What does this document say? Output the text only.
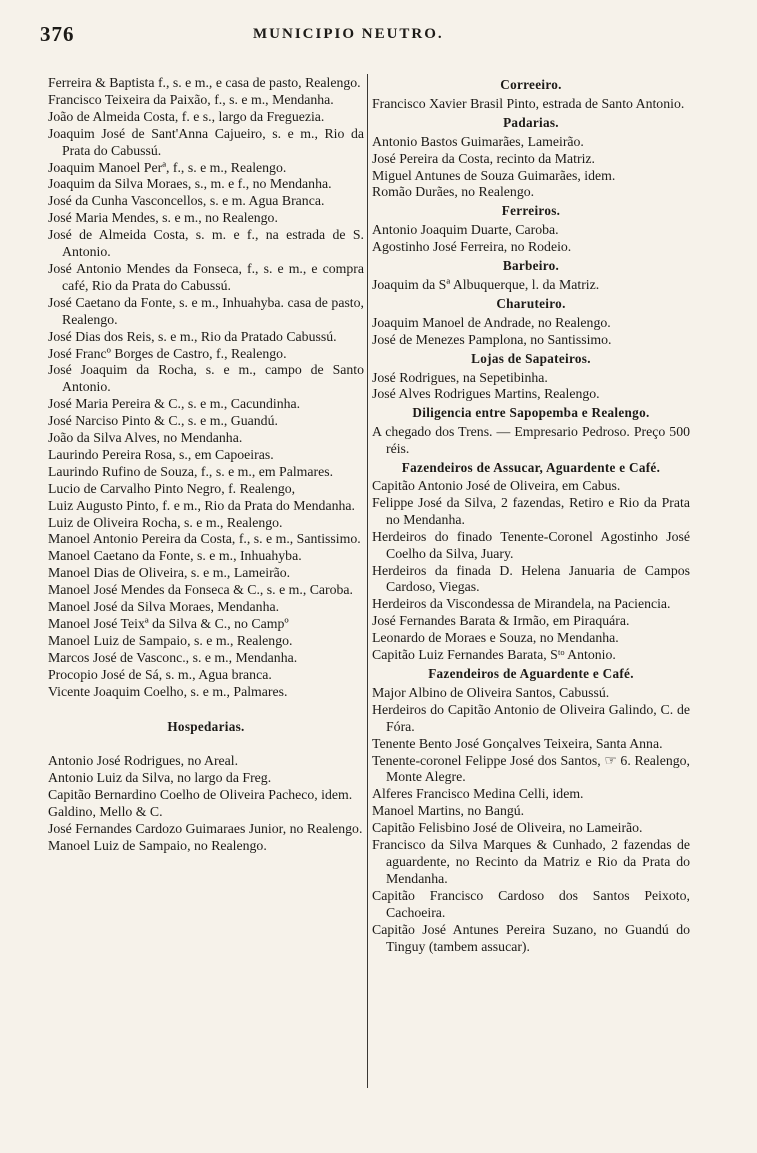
376	MUNICIPIO NEUTRO.

Ferreira & Baptista f., s. e m., e casa de pasto, Realengo.

Francisco Teixeira da Paixão, f., s. e m., Mendanha.

João de Almeida Costa, f. e s., largo da Freguezia.

Joaquim José de Sant'Anna Cajueiro, s. e m., Rio da Prata do Cabussú.

Joaquim Manoel Perª, f., s. e m., Realengo.

Joaquim da Silva Moraes, s., m. e f., no Mendanha.

José da Cunha Vasconcellos, s. e m. Agua Branca.

José Maria Mendes, s. e m., no Realengo.

José de Almeida Costa, s. m. e f., na estrada de S. Antonio.

José Antonio Mendes da Fonseca, f., s. e m., e compra café, Rio da Prata do Cabussú.

José Caetano da Fonte, s. e m., Inhuahyba. casa de pasto, Realengo.

José Dias dos Reis, s. e m., Rio da Pratado Cabussú.

José Francº Borges de Castro, f., Realengo.

José Joaquim da Rocha, s. e m., campo de Santo Antonio.

José Maria Pereira & C., s. e m., Cacundinha.

José Narciso Pinto & C., s. e m., Guandú.

João da Silva Alves, no Mendanha.

Laurindo Pereira Rosa, s., em Capoeiras.

Laurindo Rufino de Souza, f., s. e m., em Palmares.

Lucio de Carvalho Pinto Negro, f. Realengo,

Luiz Augusto Pinto, f. e m., Rio da Prata do Mendanha.

Luiz de Oliveira Rocha, s. e m., Realengo.

Manoel Antonio Pereira da Costa, f., s. e m., Santissimo.

Manoel Caetano da Fonte, s. e m., Inhuahyba.

Manoel Dias de Oliveira, s. e m., Lameirão.

Manoel José Mendes da Fonseca & C., s. e m., Caroba.

Manoel José da Silva Moraes, Mendanha.

Manoel José Teixª da Silva & C., no Campº

Manoel Luiz de Sampaio, s. e m., Realengo.

Marcos José de Vasconc., s. e m., Mendanha.

Procopio José de Sá, s. m., Agua branca.

Vicente Joaquim Coelho, s. e m., Palmares.

Hospedarias.

Antonio José Rodrigues, no Areal.

Antonio Luiz da Silva, no largo da Freg.

Capitão Bernardino Coelho de Oliveira Pacheco, idem.

Galdino, Mello & C.

José Fernandes Cardozo Guimaraes Junior, no Realengo.

Manoel Luiz de Sampaio, no Realengo.

Correeiro.

Francisco Xavier Brasil Pinto, estrada de Santo Antonio.

Padarias.

Antonio Bastos Guimarães, Lameirão.

José Pereira da Costa, recinto da Matriz.

Miguel Antunes de Souza Guimarães, idem.

Romão Durães, no Realengo.

Ferreiros.

Antonio Joaquim Duarte, Caroba.

Agostinho José Ferreira, no Rodeio.

Barbeiro.

Joaquim da Sª Albuquerque, l. da Matriz.

Charuteiro.

Joaquim Manoel de Andrade, no Realengo.

José de Menezes Pamplona, no Santissimo.

Lojas de Sapateiros.

José Rodrigues, na Sepetibinha.

José Alves Rodrigues Martins, Realengo.

Diligencia entre Sapopemba e Realengo.

A chegado dos Trens. — Empresario Pedroso. Preço 500 réis.

Fazendeiros de Assucar, Aguardente e Café.

Capitão Antonio José de Oliveira, em Cabus.

Felippe José da Silva, 2 fazendas, Retiro e Rio da Prata no Mendanha.

Herdeiros do finado Tenente-Coronel Agostinho José Coelho da Silva, Juary.

Herdeiros da finada D. Helena Januaria de Campos Cardoso, Viegas.

Herdeiros da Viscondessa de Mirandela, na Paciencia.

José Fernandes Barata & Irmão, em Piraquára.

Leonardo de Moraes e Souza, no Mendanha.

Capitão Luiz Fernandes Barata, Sᵗᵒ Antonio.

Fazendeiros de Aguardente e Café.

Major Albino de Oliveira Santos, Cabussú.

Herdeiros do Capitão Antonio de Oliveira Galindo, C. de Fóra.

Tenente Bento José Gonçalves Teixeira, Santa Anna.

Tenente-coronel Felippe José dos Santos, ☞ 6. Realengo, Monte Alegre.

Alferes Francisco Medina Celli, idem.

Manoel Martins, no Bangú.

Capitão Felisbino José de Oliveira, no Lameirão.

Francisco da Silva Marques & Cunhado, 2 fazendas de aguardente, no Recinto da Matriz e Rio da Prata do Mendanha.

Capitão Francisco Cardoso dos Santos Peixoto, Cachoeira.

Capitão José Antunes Pereira Suzano, no Guandú do Tinguy (tambem assucar).
